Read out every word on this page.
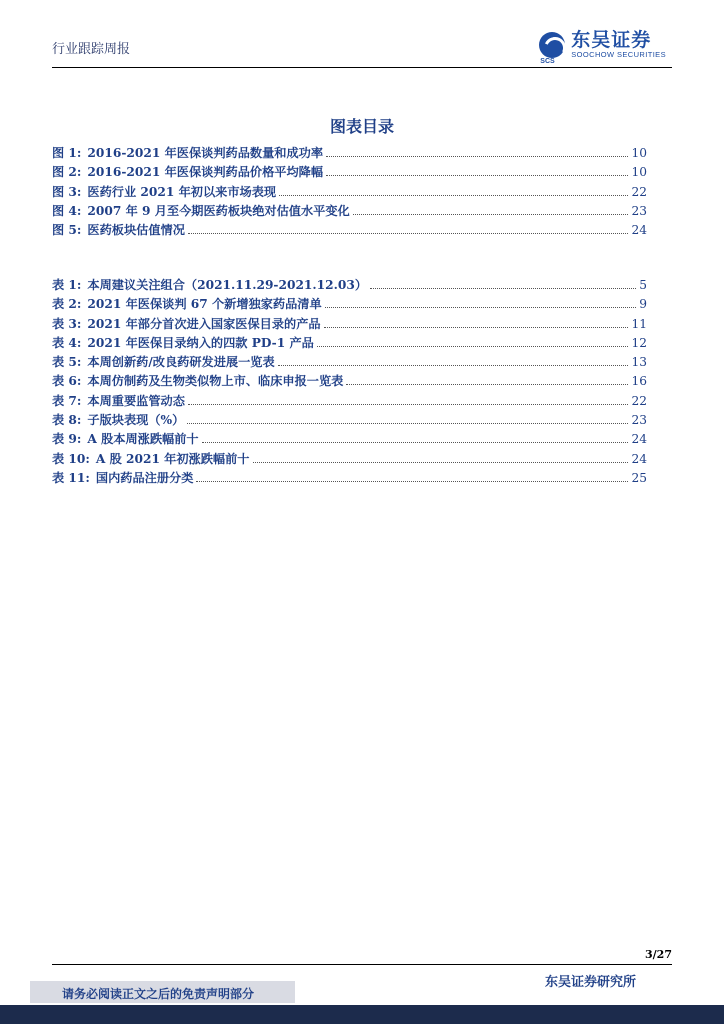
行业跟踪周报
SCS
东吴证券
SOOCHOW SECURITIES
图表目录
图 1: 2016-2021 年医保谈判药品数量和成功率	10
图 2: 2016-2021 年医保谈判药品价格平均降幅	10
图 3: 医药行业 2021 年初以来市场表现	22
图 4: 2007 年 9 月至今期医药板块绝对估值水平变化	23
图 5: 医药板块估值情况	24
表 1: 本周建议关注组合（2021.11.29-2021.12.03）	5
表 2: 2021 年医保谈判 67 个新增独家药品清单	9
表 3: 2021 年部分首次进入国家医保目录的产品	11
表 4: 2021 年医保目录纳入的四款 PD-1 产品	12
表 5: 本周创新药/改良药研发进展一览表	13
表 6: 本周仿制药及生物类似物上市、临床申报一览表	16
表 7: 本周重要监管动态	22
表 8: 子版块表现（%）	23
表 9: A 股本周涨跌幅前十	24
表 10: A 股 2021 年初涨跌幅前十	24
表 11: 国内药品注册分类	25
3/27
东吴证券研究所
请务必阅读正文之后的免责声明部分
